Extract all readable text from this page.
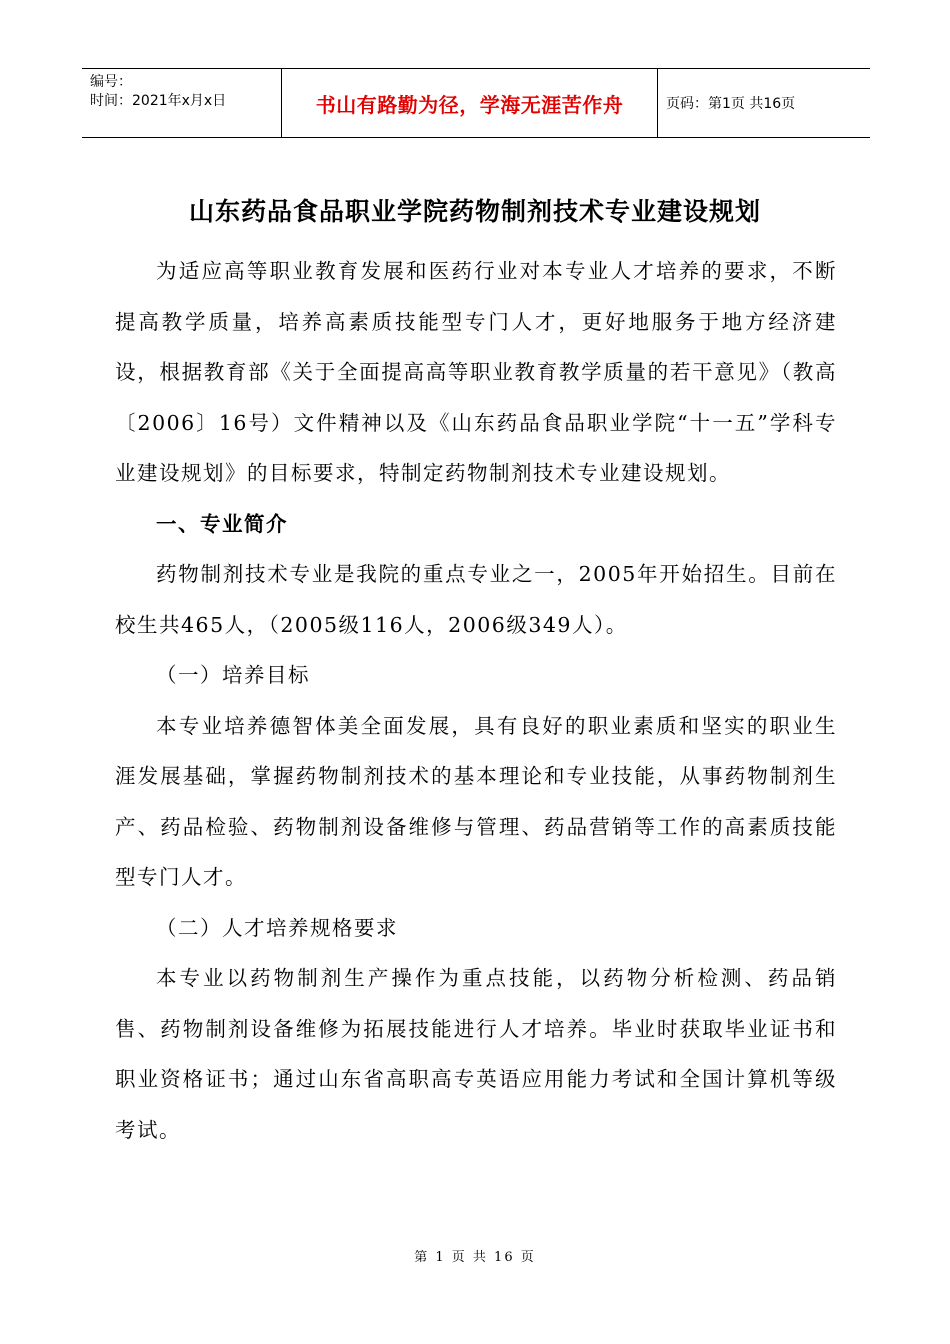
编号：
时间：2021年x月x日	书山有路勤为径，学海无涯苦作舟	页码：第1页 共16页
山东药品食品职业学院药物制剂技术专业建设规划

为适应高等职业教育发展和医药行业对本专业人才培养的要求，不断提高教学质量，培养高素质技能型专门人才，更好地服务于地方经济建设，根据教育部《关于全面提高高等职业教育教学质量的若干意见》（教高〔2006〕16号）文件精神以及《山东药品食品职业学院“十一五”学科专业建设规划》的目标要求，特制定药物制剂技术专业建设规划。

一、专业简介

药物制剂技术专业是我院的重点专业之一，2005年开始招生。目前在校生共465人，（2005级116人，2006级349人）。

（一）培养目标

本专业培养德智体美全面发展，具有良好的职业素质和坚实的职业生涯发展基础，掌握药物制剂技术的基本理论和专业技能，从事药物制剂生产、药品检验、药物制剂设备维修与管理、药品营销等工作的高素质技能型专门人才。

（二）人才培养规格要求

本专业以药物制剂生产操作为重点技能，以药物分析检测、药品销售、药物制剂设备维修为拓展技能进行人才培养。毕业时获取毕业证书和职业资格证书；通过山东省高职高专英语应用能力考试和全国计算机等级考试。

第 1 页 共 16 页
